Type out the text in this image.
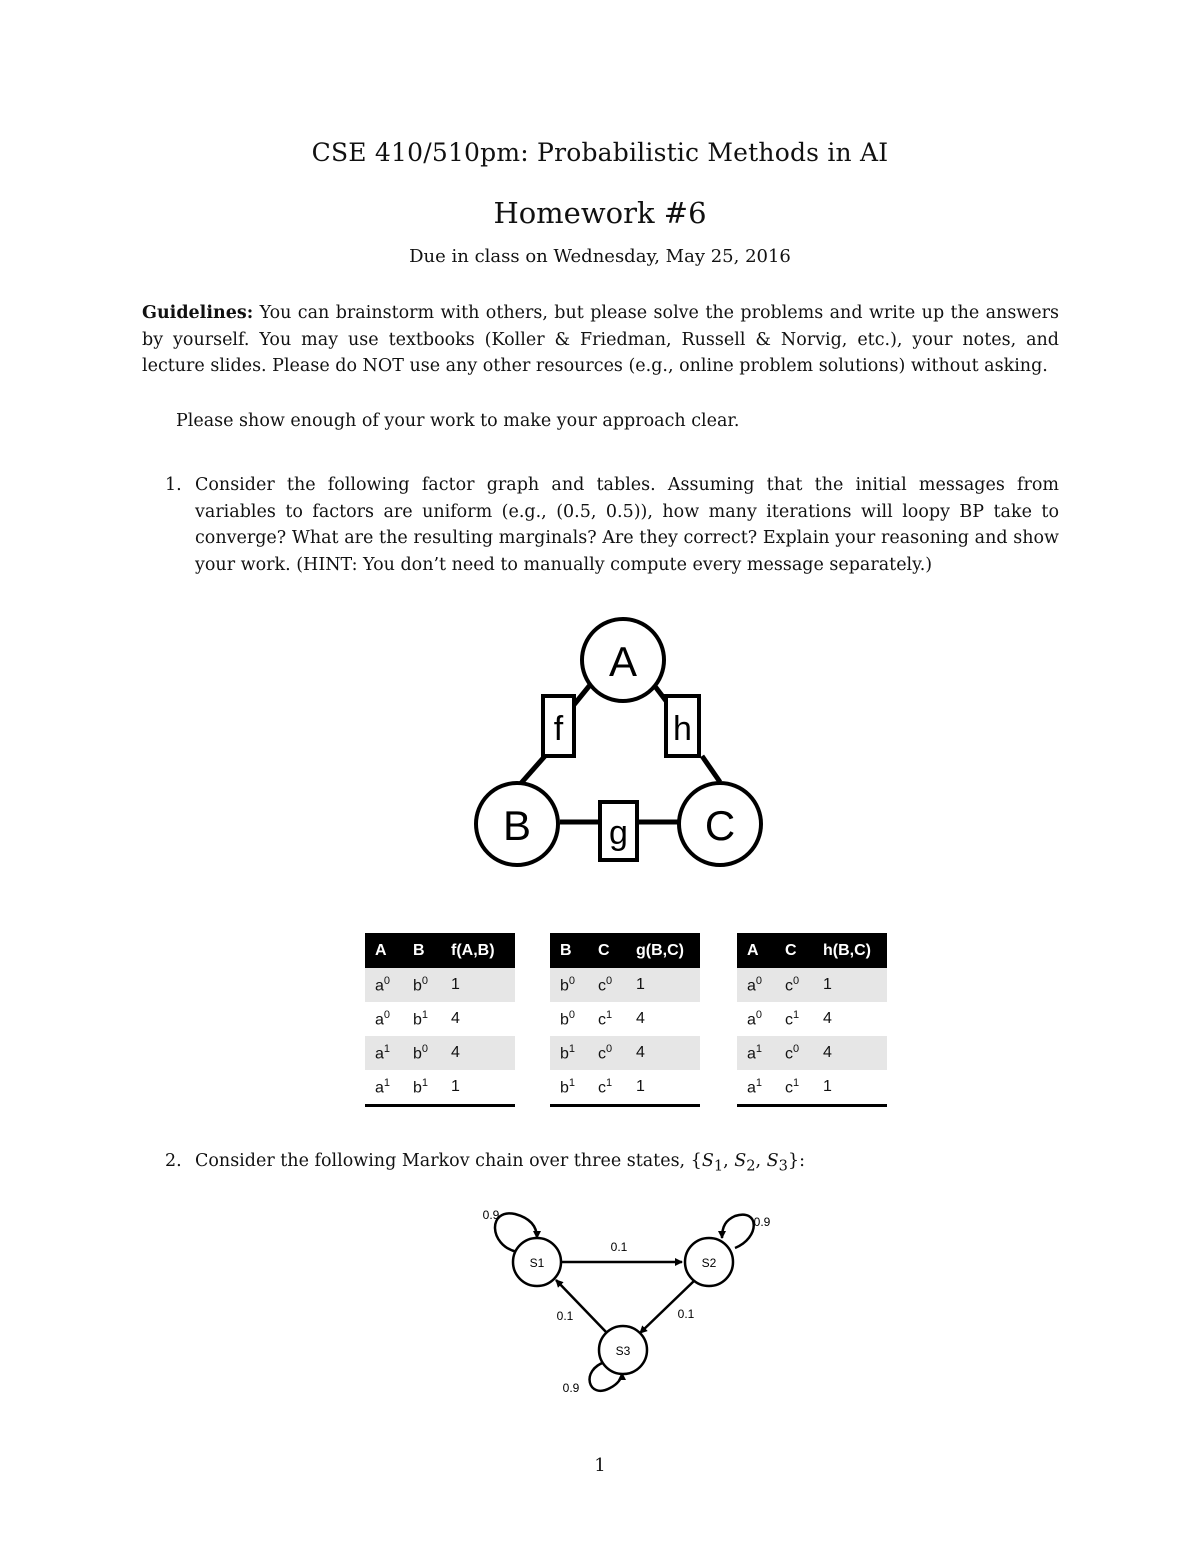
CSE 410/510pm: Probabilistic Methods in AI
Homework #6
Due in class on Wednesday, May 25, 2016
Guidelines: You can brainstorm with others, but please solve the problems and write up the answers by yourself. You may use textbooks (Koller & Friedman, Russell & Norvig, etc.), your notes, and lecture slides. Please do NOT use any other resources (e.g., online problem solutions) without asking.
Please show enough of your work to make your approach clear.
1. Consider the following factor graph and tables. Assuming that the initial messages from variables to factors are uniform (e.g., (0.5, 0.5)), how many iterations will loopy BP take to converge? What are the resulting marginals? Are they correct? Explain your reasoning and show your work. (HINT: You don’t need to manually compute every message separately.)
A
B	C
f	h
g
A	B	f(A,B)
$a^0$	$b^0$	1
$a^0$	$b^1$	4
$a^1$	$b^0$	4
$a^1$	$b^1$	1
B	C	g(B,C)
$b^0$	$c^0$	1
$b^0$	$c^1$	4
$b^1$	$c^0$	4
$b^1$	$c^1$	1
A	C	h(B,C)
$a^0$	$c^0$	1
$a^0$	$c^1$	4
$a^1$	$c^0$	4
$a^1$	$c^1$	1
2. Consider the following Markov chain over three states, {$S_1$, $S_2$, $S_3$}:
S1	S2
S3
0.9	0.9
0.9
0.1
0.1
0.1
1
